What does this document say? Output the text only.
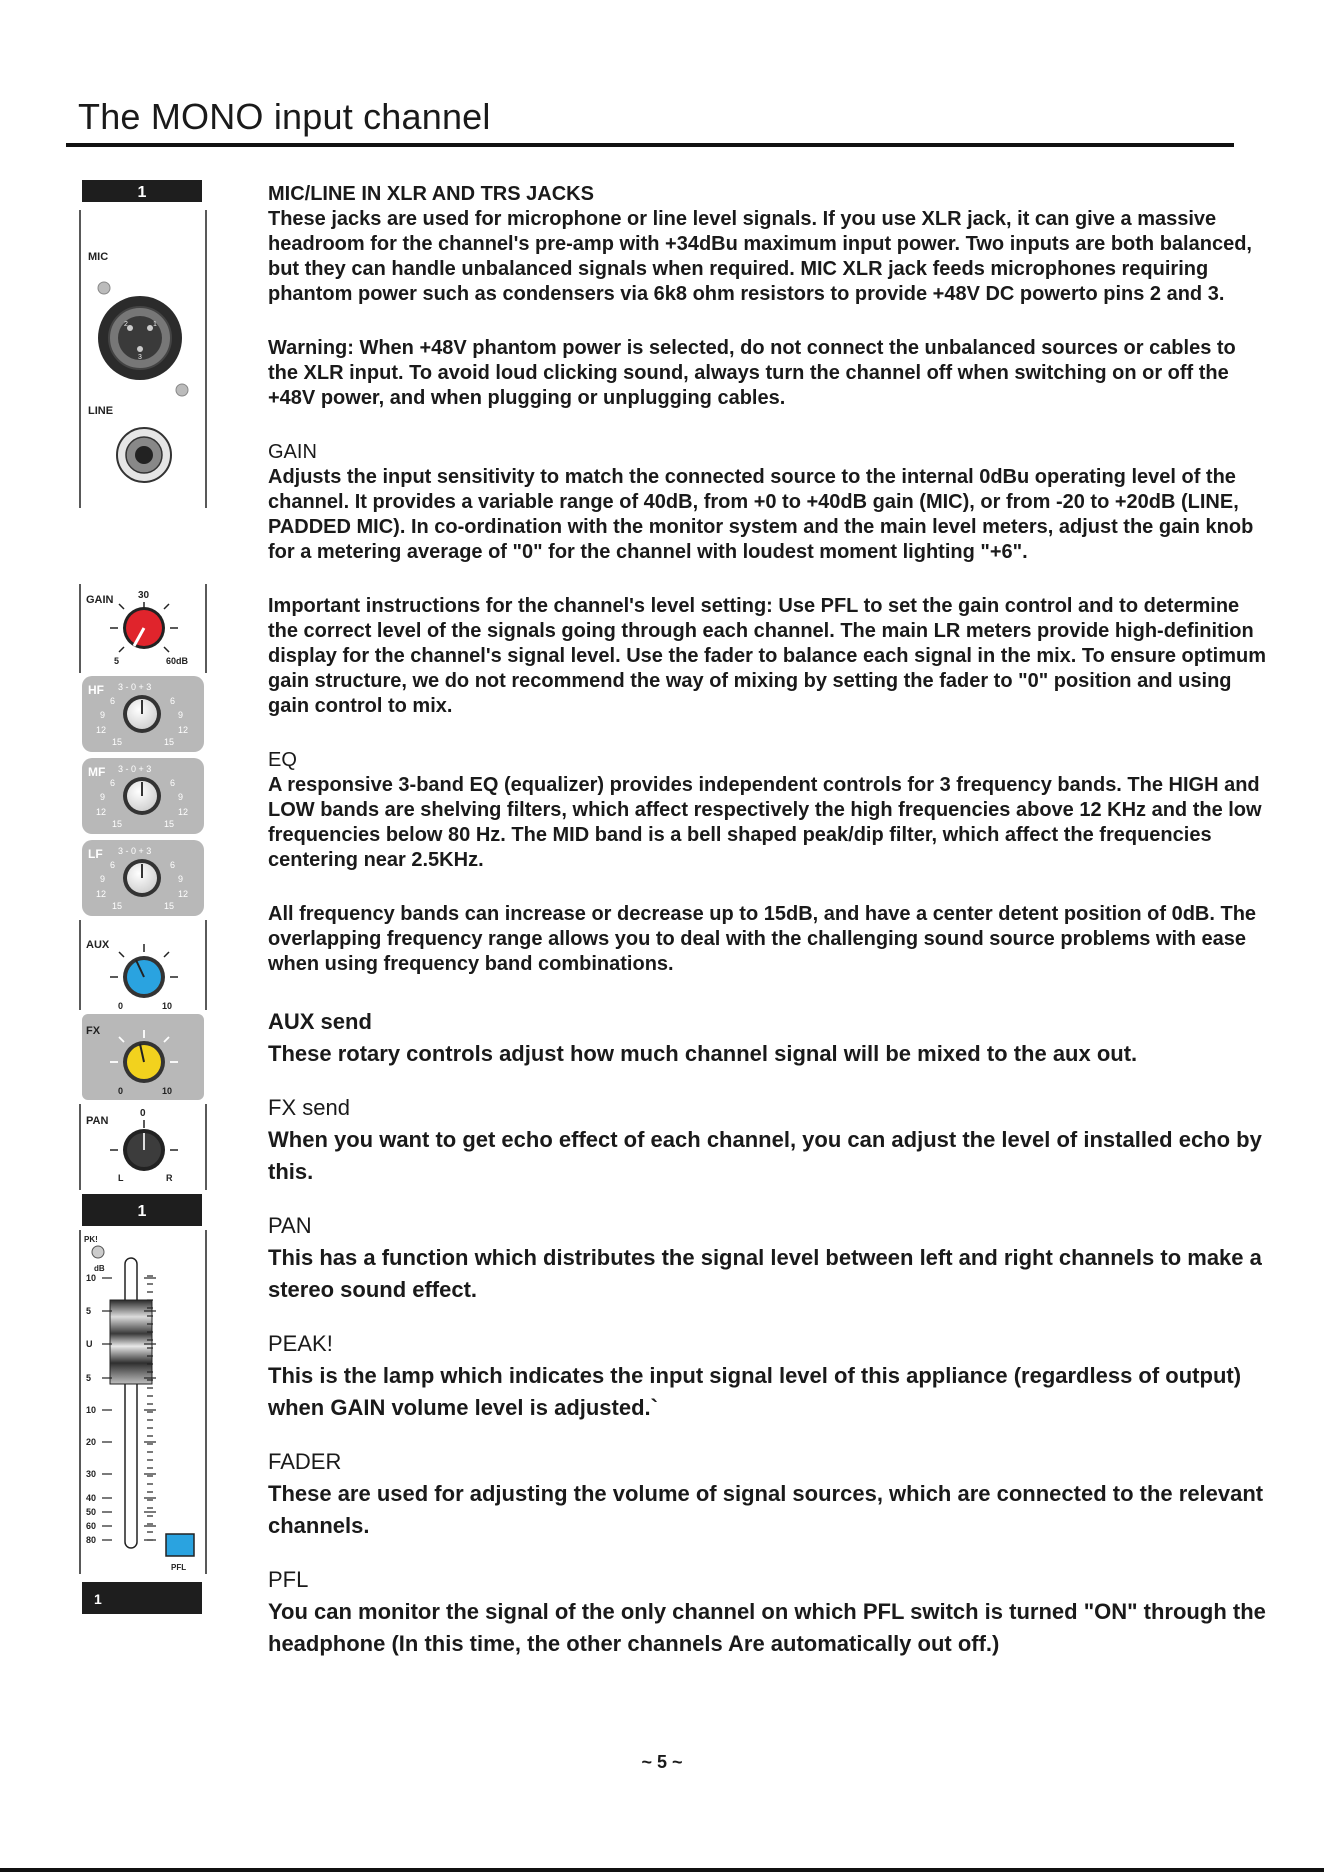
The MONO input channel
1
MIC
2	1
3
LINE
GAIN 30
5	60dB
HF 3 - 0 + 3
6	6
9	9
12	12
15	15
MF 3 - 0 + 3
6	6
9	9
12	12
15	15
LF 3 - 0 + 3
6	6
9	9
12	12
15	15
AUX
0	10
FX
0	10
PAN
0
L	R
1
PK!
dB
10
5
U
5
10
20
30
40
50
60
80
PFL
1
MIC/LINE IN XLR AND TRS JACKS

These jacks are used for microphone or line level signals. If you use XLR jack, it can give a massive headroom for the channel's pre-amp with +34dBu maximum input power. Two inputs are both balanced, but they can handle unbalanced signals when required. MIC XLR jack feeds microphones requiring phantom power such as condensers via 6k8 ohm resistors to provide +48V DC powerto pins 2 and 3.

Warning: When +48V phantom power is selected, do not connect the unbalanced sources or cables to the XLR input. To avoid loud clicking sound, always turn the channel off when switching on or off the +48V power, and when plugging or unplugging cables.

GAIN

Adjusts the input sensitivity to match the connected source to the internal 0dBu operating level of the channel. It provides a variable range of 40dB, from +0 to +40dB gain (MIC), or from -20 to +20dB (LINE, PADDED MIC). In co-ordination with the monitor system and the main level meters, adjust the gain knob for a metering average of "0" for the channel with loudest moment lighting "+6".

Important instructions for the channel's level setting: Use PFL to set the gain control and to determine the correct level of the signals going through each channel. The main LR meters provide high-definition display for the channel's signal level. Use the fader to balance each signal in the mix. To ensure optimum gain structure, we do not recommend the way of mixing by setting the fader to "0" position and using gain control to mix.

EQ

A responsive 3-band EQ (equalizer) provides independent controls for 3 frequency bands. The HIGH and LOW bands are shelving filters, which affect respectively the high frequencies above 12 KHz and the low frequencies below 80 Hz. The MID band is a bell shaped peak/dip filter, which affect the frequencies centering near 2.5KHz.

All frequency bands can increase or decrease up to 15dB, and have a center detent position of 0dB. The overlapping frequency range allows you to deal with the challenging sound source problems with ease when using frequency band combinations.

AUX send

These rotary controls adjust how much channel signal will be mixed to the aux out.

FX send

When you want to get echo effect of each channel, you can adjust the level of installed echo by this.

PAN

This has a function which distributes the signal level between left and right channels to make a stereo sound effect.

PEAK!

This is the lamp which indicates the input signal level of this appliance (regardless of output) when GAIN volume level is adjusted.`

FADER

These are used for adjusting the volume of signal sources, which are connected to the relevant channels.

PFL

You can monitor the signal of the only channel on which PFL switch is turned "ON" through the headphone (In this time, the other channels Are automatically out off.)

~ 5 ~
